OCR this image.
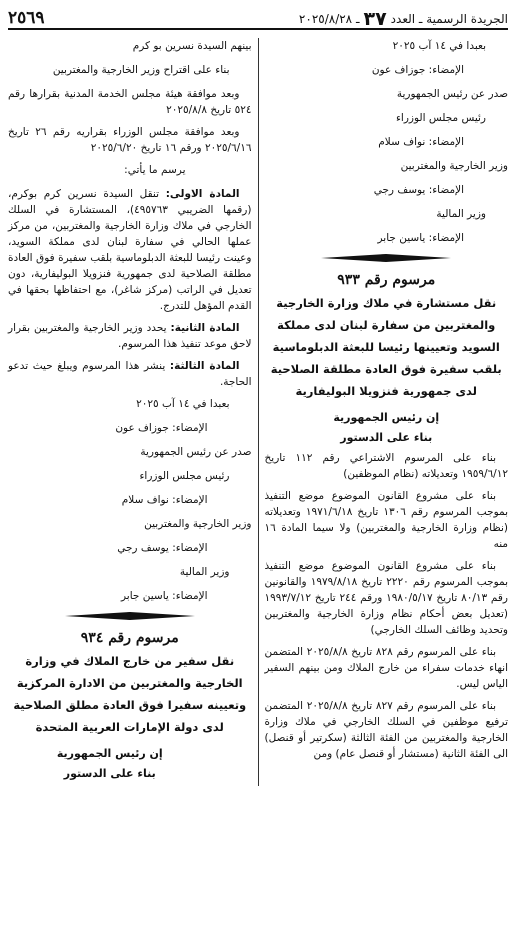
الجريدة الرسمية ـ العدد
٣٧
ـ ٢٠٢٥/٨/٢٨
٢٥٦٩
بعبدا في ١٤ آب ٢٠٢٥
الإمضاء: جوزاف عون
صدر عن رئيس الجمهورية
رئيس مجلس الوزراء
الإمضاء: نواف سلام
وزير الخارجية والمغتربين
الإمضاء: يوسف رجي
وزير المالية
الإمضاء: ياسين جابر
مرسوم رقم ٩٣٣
نقل مستشارة في ملاك وزارة الخارجية والمغتربين من سفارة لبنان لدى مملكة السويد وتعيينها رئيسا للبعثة الدبلوماسية بلقب سفيرة فوق العادة مطلقة الصلاحية لدى جمهورية فنزويلا البوليفارية
إن رئيس الجمهورية
بناء على الدستور

بناء على المرسوم الاشتراعي رقم ١١٢ تاريخ ١٩٥٩/٦/١٢ وتعديلاته (نظام الموظفين)

بناء على مشروع القانون الموضوع موضع التنفيذ بموجب المرسوم رقم ١٣٠٦ تاريخ ١٩٧١/٦/١٨ وتعديلاته (نظام وزارة الخارجية والمغتربين) ولا سيما المادة ١٦ منه

بناء على مشروع القانون الموضوع موضع التنفيذ بموجب المرسوم رقم ٢٢٢٠ تاريخ ١٩٧٩/٨/١٨ والقانونين رقم ٨٠/١٣ تاريخ ١٩٨٠/٥/١٧ ورقم ٢٤٤ تاريخ ١٩٩٣/٧/١٢ (تعديل بعض أحكام نظام وزارة الخارجية والمغتربين وتحديد وظائف السلك الخارجي)

بناء على المرسوم رقم ٨٢٨ تاريخ ٢٠٢٥/٨/٨ المتضمن انهاء خدمات سفراء من خارج الملاك ومن بينهم السفير الياس ليس.

بناء على المرسوم رقم ٨٢٧ تاريخ ٢٠٢٥/٨/٨ المتضمن ترفيع موظفين في السلك الخارجي في ملاك وزارة الخارجية والمغتربين من الفئة الثالثة (سكرتير أو قنصل) الى الفئة الثانية (مستشار أو قنصل عام) ومن

بينهم السيدة نسرين بو كرم
بناء على اقتراح وزير الخارجية والمغتربين

وبعد موافقة هيئة مجلس الخدمة المدنية بقرارها رقم ٥٢٤ تاريخ ٢٠٢٥/٨/٨

وبعد موافقة مجلس الوزراء بقراريه رقم ٢٦ تاريخ ٢٠٢٥/٦/١٦ ورقم ١٦ تاريخ ٢٠٢٥/٦/٢٠

يرسم ما يأتي:

المادة الاولى: تنقل السيدة نسرين كرم بوكرم، (رقمها الضريبي ٤٩٥٧٦٣)، المستشارة في السلك الخارجي في ملاك وزارة الخارجية والمغتربين، من مركز عملها الحالي في سفارة لبنان لدى مملكة السويد، وعينت رئيسا للبعثة الدبلوماسية بلقب سفيرة فوق العادة مطلقة الصلاحية لدى جمهورية فنزويلا البوليفارية، دون تعديل في الراتب (مركز شاغر)، مع احتفاظها بحقها في القدم المؤهل للتدرج.

المادة الثانية: يحدد وزير الخارجية والمغتربين بقرار لاحق موعد تنفيذ هذا المرسوم.

المادة الثالثة: ينشر هذا المرسوم ويبلغ حيث تدعو الحاجة.

بعبدا في ١٤ آب ٢٠٢٥
الإمضاء: جوزاف عون
صدر عن رئيس الجمهورية
رئيس مجلس الوزراء
الإمضاء: نواف سلام
وزير الخارجية والمغتربين
الإمضاء: يوسف رجي
وزير المالية
الإمضاء: ياسين جابر
مرسوم رقم ٩٣٤
نقل سفير من خارج الملاك في وزارة الخارجية والمغتربين من الادارة المركزية وتعيينه سفيرا فوق العادة مطلق الصلاحية لدى دولة الإمارات العربية المتحدة
إن رئيس الجمهورية
بناء على الدستور
